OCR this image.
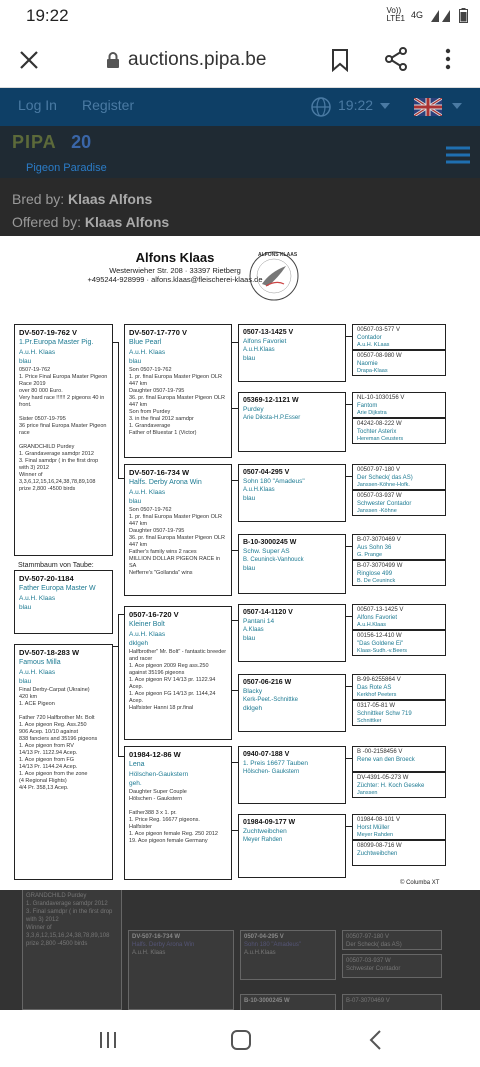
19:22	Vo))
LTE1 4G
auctions.pipa.be
Log In Register	19:22
PIPA 20
Pigeon Paradise
Bred by: Klaas Alfons
Offered by: Klaas Alfons
Alfons Klaas
Westerwieher Str. 208 · 33397 Rietberg
+495244-928999 · alfons.klaas@fleischerei-klaas.de
ALFONS KLAAS
DV-507-19-762 V
1.Pr.Europa Master Pig.
A.u.H. Klaas
blau
0507-19-762
1. Price Final Europa Master Pigeon Race 2019
over 80 000 Euro.
Very hard race !!!!!! 2 pigeons 40 in front.

Sister 0507-19-795
36 price final Europa Master Pigeon race

GRANDCHILD Purdey
1. Grandaverage samdpr 2012
3. Final samdpr ( in the first drop with 3) 2012
Winner of
3,3,6,12,15,16,24,38,78,89,108 prize 2,800 -4500 birds
Stammbaum von Taube:
DV-507-20-1184
Father Europa Master W
A.u.H. Klaas
blau
DV-507-18-283 W
Famous Milla
A.u.H. Klaas
blau
Final Derby-Carpat (Ukraine)
420 km
1. ACE Pigeon

Father 720 Halfbrother Mr. Bolt
1. Ace pigeon Reg. Ass.250
906 Acep. 10/10 against
838 fanciers and 35196 pigeons
1. Ace pigeon from RV
14/13 Pr. 1122.94 Acep.
1. Ace pigeon from FG
14/13 Pr. 1144.24 Acep.
1. Ace pigeon from the zone
(4 Regional Flights)
4/4 Pr. 358,13 Acep.
DV-507-17-770 V
Blue Pearl
A.u.H. Klaas
blau
Son 0507-19-762
1. pr. final Europa Master Pigeon OLR 447 km
Daughter 0507-19-795
36. pr. final Europa Master Pigeon OLR 447 km
Son from Purdey
3. in the final 2012 samdpr
1. Grandaverage
Father of Bluestar 1 (Victor)
DV-507-16-734 W
Halfs. Derby Arona Win
A.u.H. Klaas
blau
Son 0507-19-762
1. pr. final Europa Master Pigeon OLR 447 km
Daughter 0507-19-795
36. pr. final Europa Master Pigeon OLR 447 km
Father's family wins 2 races
MILLION DOLLAR PIGEON RACE in SA
Nefferre's "Gollanda" wins
0507-16-720 V
Kleiner Bolt
A.u.H. Klaas
dklgeh
Halfbrother" Mr. Bolt" - fantastic breeder and racer
1. Ace pigeon 2009 Reg ass.250 against 35196 pigeons
1. Ace pigeon RV 14/13 pr. 1122.94 Acep.
1. Ace pigeon FG 14/13 pr. 1144,24 Acep.
Halfsister Hanni 18 pr.final
01984-12-86 W
Lena
Hölschen-Gaukstern
geh.
Daughter Super Couple
Hölschen - Gaukstern

Father388 3 x 1. pr.
1. Price Reg. 16677 pigeons.
Halfsister
1. Ace pigeon female Reg. 250 2012
19. Ace pigeon female Germany
0507-13-1425 V
Alfons Favoriet
A.u.H.Klaas
blau
05369-12-1121 W
Purdey
Arie Diksta-H.P.Esser
0507-04-295 V
Sohn 180 "Amadeus"
A.u.H.Klaas
blau
B-10-3000245 W
Schw. Super AS
B. Ceuninck-Vanhouck
blau
0507-14-1120 V
Pantani 14
A.Klaas
blau
0507-06-216 W
Blacky
Kerk-Peet.-Schnittke
dklgeh
0940-07-188 V
1. Preis 16677 Tauben
Hölschen- Gaukstern
01984-09-177 W
Zuchtweibchen
Meyer Rahden
00507-03-577 V
Contador
A.u.H. KLaas
00507-08-980 W
Naomie
Drapa-Klaas
NL-10-1030156 V
Fantom
Arie Dijkstra
04242-08-222 W
Tochter Asterix
Hereman Ceusters
00507-97-180 V
Der Scheck( das AS)
Janssen-Köhne-Hofk.
00507-03-937 W
Schwester Contador
Janssen -Köhne
B-07-3070469 V
Aus Sohn 36
G. Prange
B-07-3070499 W
Ringlose 499
B. De Ceuninck
00507-13-1425 V
Alfons Favoriet
A.u.H.Klaas
00156-12-410 W
"Das Goldene Ei"
Klaas-Sudh.-v.Beers
B-99-6255864 V
Das Rote AS
Kerkhof Peeters
0317-05-81 W
Schnittker Schw 719
Schnittker
B -00-2158456 V
Rene van den Broeck
DV-4391-05-273 W
Züchter: H. Koch Geseke
Janssen
01984-08-101 V
Horst Müller
Meyer Rahden
08099-08-716 W
Zuchtweibchen
© Columba XT
GRANDCHILD Purdey
1. Grandaverage samdpr 2012
3. Final samdpr ( in the first drop with 3) 2012
Winner of
3,3,6,12,15,16,24,38,78,89,108 prize 2,800 -4500 birds
DV-507-16-734 W
Halfs. Derby Arona Win
A.u.H. Klaas
0507-04-295 V
Sohn 180 "Amadeus"
A.u.H.Klaas
B-10-3000245 W
00507-97-180 V
Der Scheck( das AS)
00507-03-937 W
Schwester Contador
B-07-3070469 V
